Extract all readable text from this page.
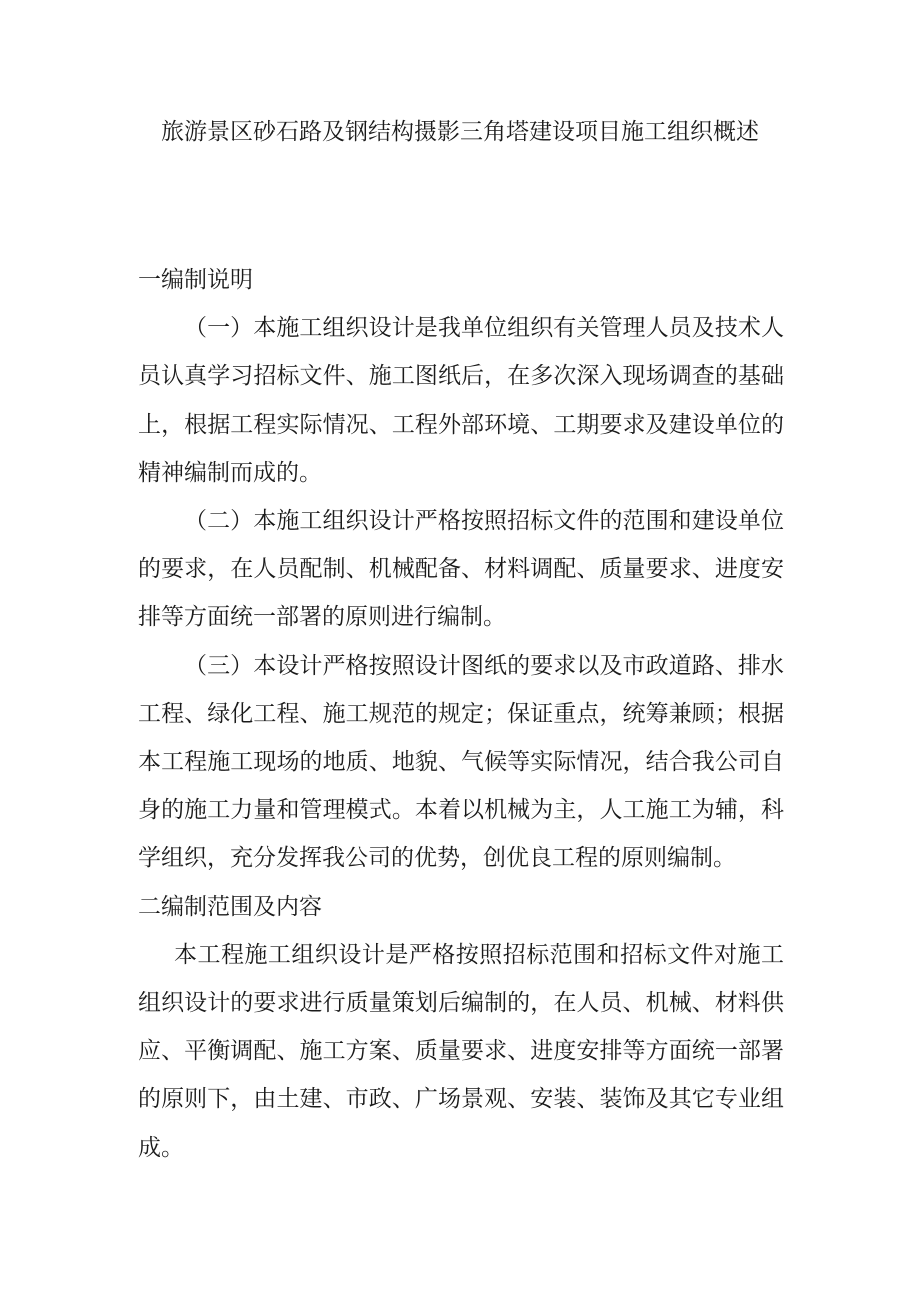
旅游景区砂石路及钢结构摄影三角塔建设项目施工组织概述
一编制说明

（一）本施工组织设计是我单位组织有关管理人员及技术人员认真学习招标文件、施工图纸后，在多次深入现场调查的基础上，根据工程实际情况、工程外部环境、工期要求及建设单位的精神编制而成的。

（二）本施工组织设计严格按照招标文件的范围和建设单位的要求，在人员配制、机械配备、材料调配、质量要求、进度安排等方面统一部署的原则进行编制。

（三）本设计严格按照设计图纸的要求以及市政道路、排水工程、绿化工程、施工规范的规定；保证重点，统筹兼顾；根据本工程施工现场的地质、地貌、气候等实际情况，结合我公司自身的施工力量和管理模式。本着以机械为主，人工施工为辅，科学组织，充分发挥我公司的优势，创优良工程的原则编制。

二编制范围及内容

本工程施工组织设计是严格按照招标范围和招标文件对施工组织设计的要求进行质量策划后编制的，在人员、机械、材料供应、平衡调配、施工方案、质量要求、进度安排等方面统一部署的原则下，由土建、市政、广场景观、安装、装饰及其它专业组成。
